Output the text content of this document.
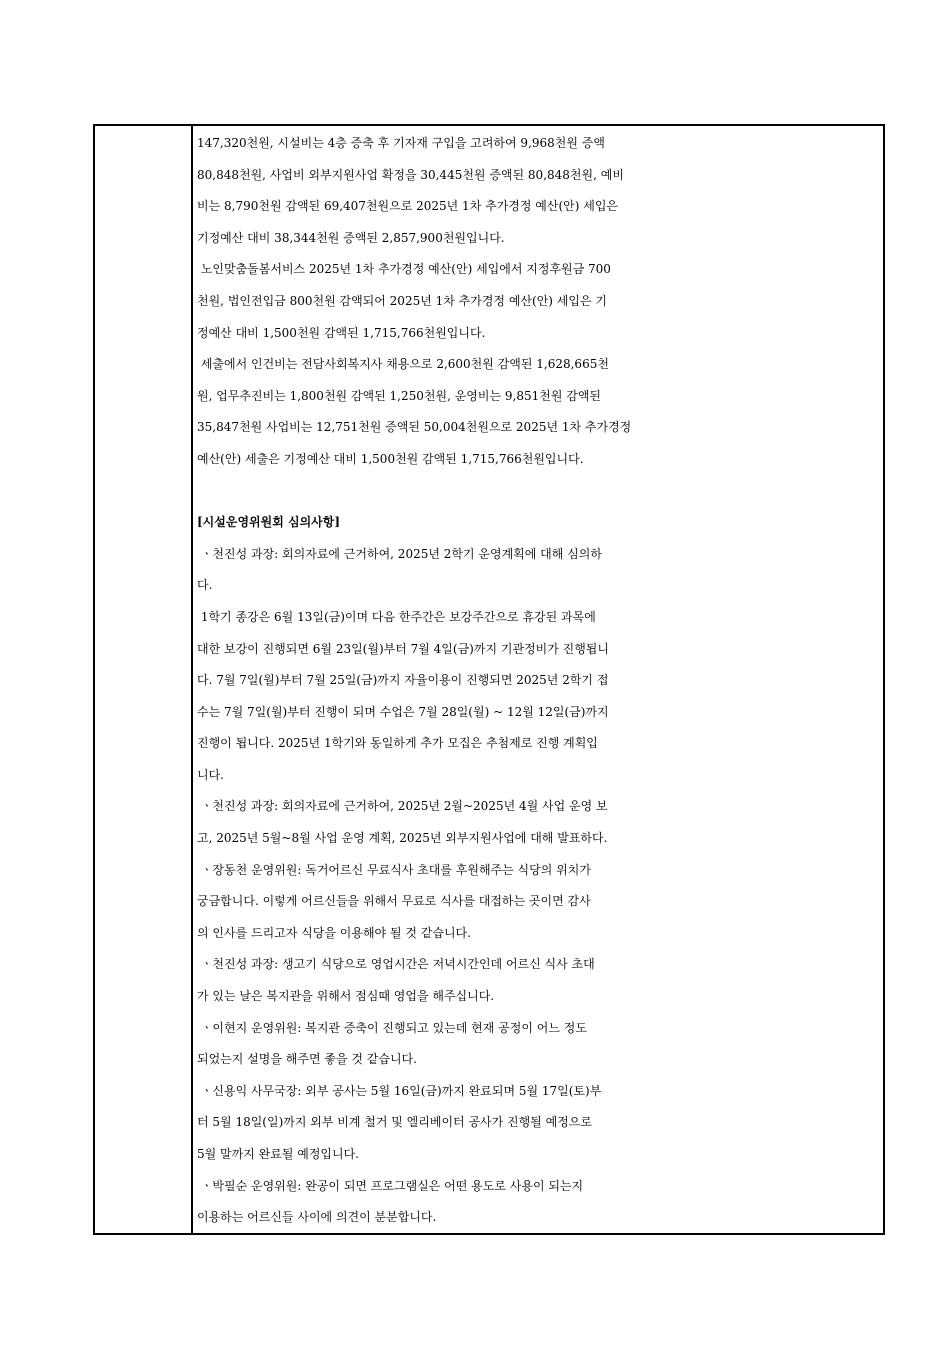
147,320천원, 시설비는 4층 증축 후 기자재 구입을 고려하여 9,968천원 증액
80,848천원, 사업비 외부지원사업 확정을 30,445천원 증액된 80,848천원, 예비
비는 8,790천원 감액된 69,407천원으로 2025년 1차 추가경정 예산(안) 세입은
기정예산 대비 38,344천원 증액된 2,857,900천원입니다.
노인맞춤돌봄서비스 2025년 1차 추가경정 예산(안) 세입에서 지정후원금 700
천원, 법인전입금 800천원 감액되어 2025년 1차 추가경정 예산(안) 세입은 기
정예산 대비 1,500천원 감액된 1,715,766천원입니다.
세출에서 인건비는 전담사회복지사 채용으로 2,600천원 감액된 1,628,665천
원, 업무추진비는 1,800천원 감액된 1,250천원, 운영비는 9,851천원 감액된
35,847천원 사업비는 12,751천원 증액된 50,004천원으로 2025년 1차 추가경정
예산(안) 세출은 기정예산 대비 1,500천원 감액된 1,715,766천원입니다.
[시설운영위원회 심의사항]
ㆍ천진성 과장: 회의자료에 근거하여, 2025년 2학기 운영계획에 대해 심의하
다.
1학기 종강은 6월 13일(금)이며 다음 한주간은 보강주간으로 휴강된 과목에
대한 보강이 진행되면 6월 23일(월)부터 7월 4일(금)까지 기관정비가 진행됩니
다. 7월 7일(월)부터 7월 25일(금)까지 자율이용이 진행되면 2025년 2학기 접
수는 7월 7일(월)부터 진행이 되며 수업은 7월 28일(월) ~ 12월 12일(금)까지
진행이 됩니다. 2025년 1학기와 동일하게 추가 모집은 추첨제로 진행 계획입
니다.
ㆍ천진성 과장: 회의자료에 근거하여, 2025년 2월~2025년 4월 사업 운영 보
고, 2025년 5월~8월 사업 운영 계획, 2025년 외부지원사업에 대해 발표하다.
ㆍ장동천 운영위원: 독거어르신 무료식사 초대를 후원해주는 식당의 위치가
궁금합니다. 이렇게 어르신들을 위해서 무료로 식사를 대접하는 곳이면 감사
의 인사를 드리고자 식당을 이용해야 될 것 같습니다.
ㆍ천진성 과장: 생고기 식당으로 영업시간은 저녁시간인데 어르신 식사 초대
가 있는 날은 복지관을 위해서 점심때 영업을 해주십니다.
ㆍ이현지 운영위원: 복지관 증축이 진행되고 있는데 현재 공정이 어느 정도
되었는지 설명을 해주면 좋을 것 같습니다.
ㆍ신용익 사무국장: 외부 공사는 5월 16일(금)까지 완료되며 5월 17일(토)부
터 5월 18일(일)까지 외부 비계 철거 및 엘리베이터 공사가 진행될 예정으로
5월 말까지 완료될 예정입니다.
ㆍ박필순 운영위원: 완공이 되면 프로그램실은 어떤 용도로 사용이 되는지
이용하는 어르신들 사이에 의견이 분분합니다.
